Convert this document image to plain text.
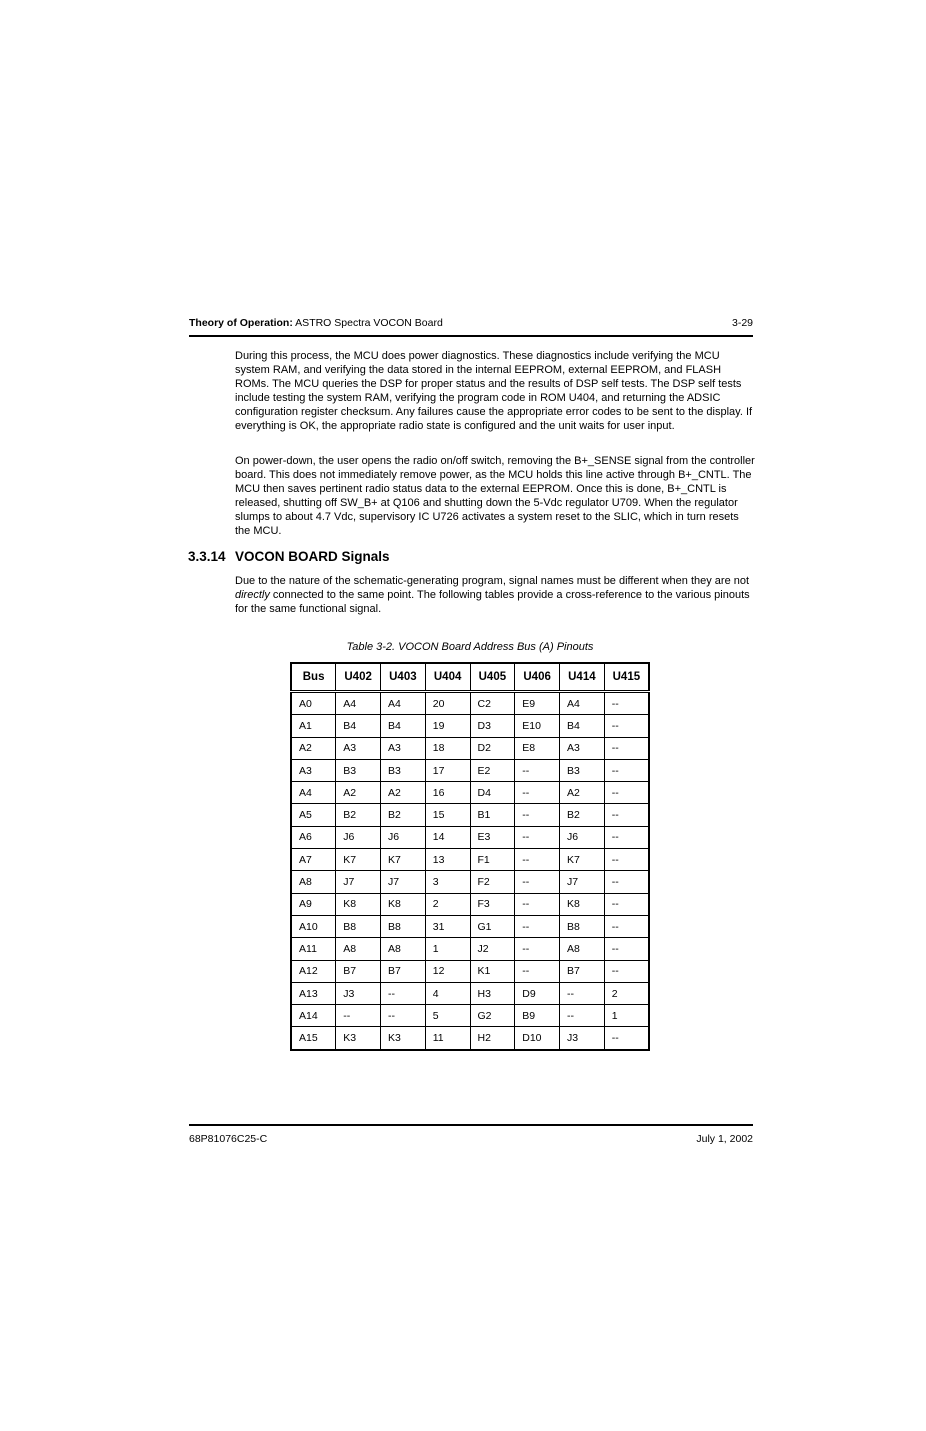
Theory of Operation: ASTRO Spectra VOCON Board	3-29

During this process, the MCU does power diagnostics. These diagnostics include verifying the MCU system RAM, and verifying the data stored in the internal EEPROM, external EEPROM, and FLASH ROMs. The MCU queries the DSP for proper status and the results of DSP self tests. The DSP self tests include testing the system RAM, verifying the program code in ROM U404, and returning the ADSIC configuration register checksum. Any failures cause the appropriate error codes to be sent to the display. If everything is OK, the appropriate radio state is configured and the unit waits for user input.

On power-down, the user opens the radio on/off switch, removing the B+_SENSE signal from the controller board. This does not immediately remove power, as the MCU holds this line active through B+_CNTL. The MCU then saves pertinent radio status data to the external EEPROM. Once this is done, B+_CNTL is released, shutting off SW_B+ at Q106 and shutting down the 5-Vdc regulator U709. When the regulator slumps to about 4.7 Vdc, supervisory IC U726 activates a system reset to the SLIC, which in turn resets the MCU.

3.3.14 VOCON BOARD Signals

Due to the nature of the schematic-generating program, signal names must be different when they are not directly connected to the same point. The following tables provide a cross-reference to the various pinouts for the same functional signal.

Table 3-2. VOCON Board Address Bus (A) Pinouts
Bus	U402	U403	U404	U405	U406	U414	U415
A0	A4	A4	20	C2	E9	A4	--
A1	B4	B4	19	D3	E10	B4	--
A2	A3	A3	18	D2	E8	A3	--
A3	B3	B3	17	E2	--	B3	--
A4	A2	A2	16	D4	--	A2	--
A5	B2	B2	15	B1	--	B2	--
A6	J6	J6	14	E3	--	J6	--
A7	K7	K7	13	F1	--	K7	--
A8	J7	J7	3	F2	--	J7	--
A9	K8	K8	2	F3	--	K8	--
A10	B8	B8	31	G1	--	B8	--
A11	A8	A8	1	J2	--	A8	--
A12	B7	B7	12	K1	--	B7	--
A13	J3	--	4	H3	D9	--	2
A14	--	--	5	G2	B9	--	1
A15	K3	K3	11	H2	D10	J3	--
68P81076C25-C	July 1, 2002
